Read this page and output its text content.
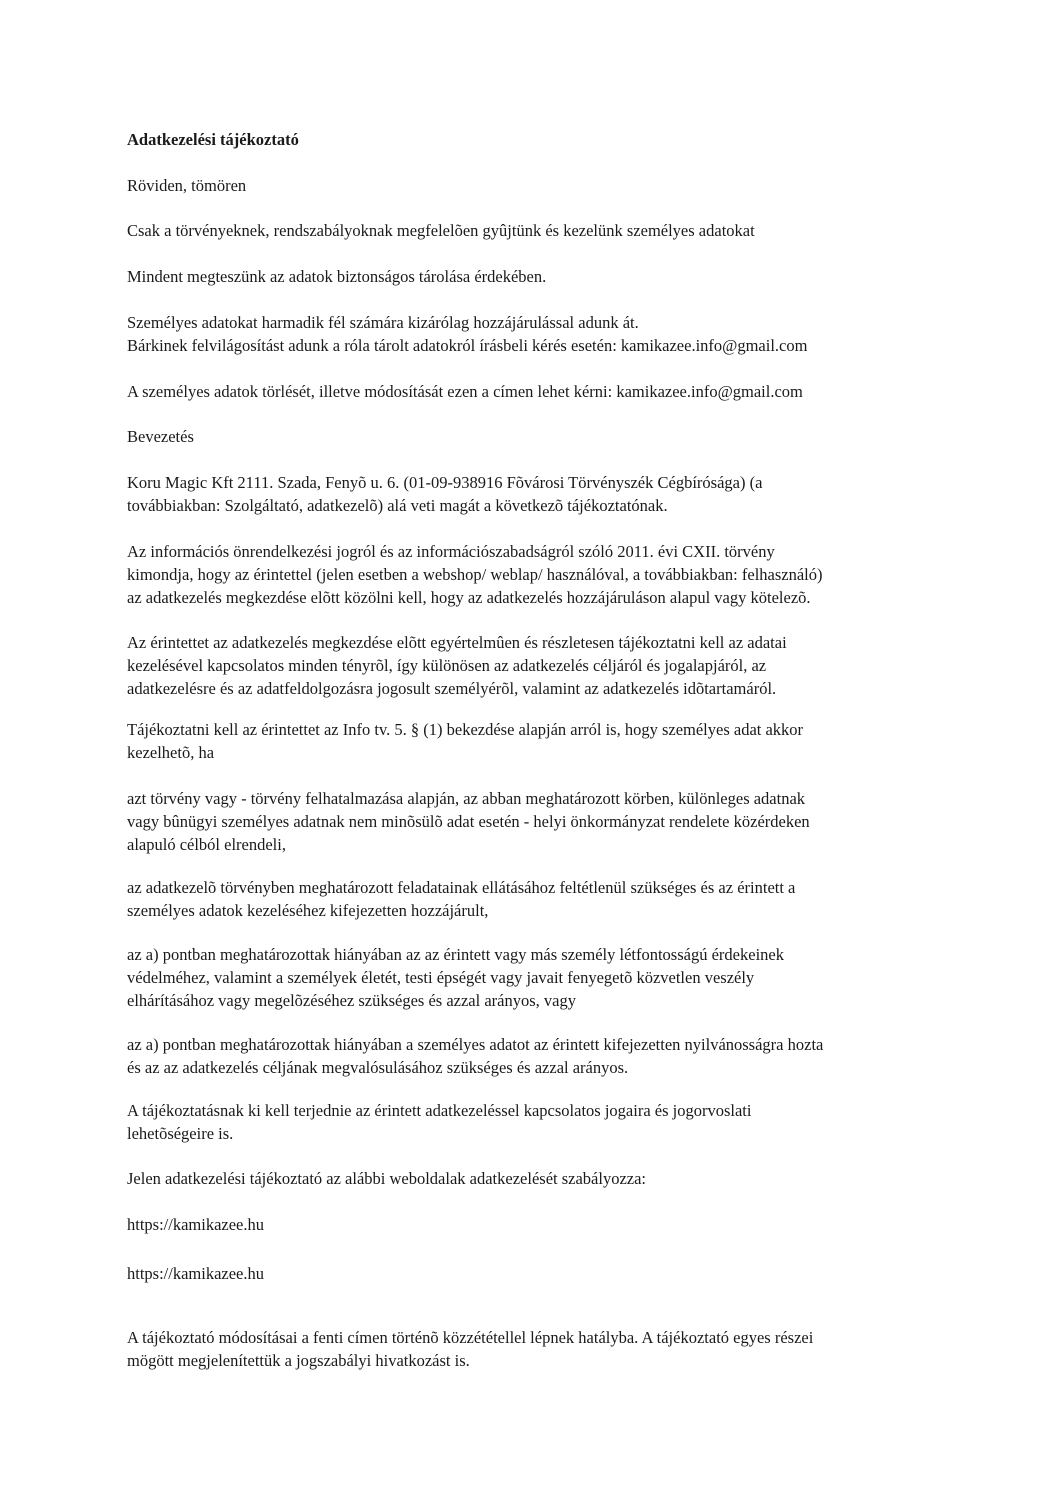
Adatkezelési tájékoztató
Röviden, tömören
Csak a törvényeknek, rendszabályoknak megfelelõen gyûjtünk és kezelünk személyes adatokat
Mindent megteszünk az adatok biztonságos tárolása érdekében.
Személyes adatokat harmadik fél számára kizárólag hozzájárulással adunk át.
Bárkinek felvilágosítást adunk a róla tárolt adatokról írásbeli kérés esetén: kamikazee.info@gmail.com
A személyes adatok törlését, illetve módosítását ezen a címen lehet kérni: kamikazee.info@gmail.com
Bevezetés
Koru Magic Kft 2111. Szada, Fenyõ u. 6. (01-09-938916 Fõvárosi Törvényszék Cégbírósága) (a
továbbiakban: Szolgáltató, adatkezelõ) alá veti magát a következõ tájékoztatónak.
Az információs önrendelkezési jogról és az információszabadságról szóló 2011. évi CXII. törvény
kimondja, hogy az érintettel (jelen esetben a webshop/ weblap/ használóval, a továbbiakban: felhasználó)
az adatkezelés megkezdése elõtt közölni kell, hogy az adatkezelés hozzájáruláson alapul vagy kötelezõ.
Az érintettet az adatkezelés megkezdése elõtt egyértelmûen és részletesen tájékoztatni kell az adatai
kezelésével kapcsolatos minden tényrõl, így különösen az adatkezelés céljáról és jogalapjáról, az
adatkezelésre és az adatfeldolgozásra jogosult személyérõl, valamint az adatkezelés idõtartamáról.
Tájékoztatni kell az érintettet az Info tv. 5. § (1) bekezdése alapján arról is, hogy személyes adat akkor
kezelhetõ, ha
azt törvény vagy - törvény felhatalmazása alapján, az abban meghatározott körben, különleges adatnak
vagy bûnügyi személyes adatnak nem minõsülõ adat esetén - helyi önkormányzat rendelete közérdeken
alapuló célból elrendeli,
az adatkezelõ törvényben meghatározott feladatainak ellátásához feltétlenül szükséges és az érintett a
személyes adatok kezeléséhez kifejezetten hozzájárult,
az a) pontban meghatározottak hiányában az az érintett vagy más személy létfontosságú érdekeinek
védelméhez, valamint a személyek életét, testi épségét vagy javait fenyegetõ közvetlen veszély
elhárításához vagy megelõzéséhez szükséges és azzal arányos, vagy
az a) pontban meghatározottak hiányában a személyes adatot az érintett kifejezetten nyilvánosságra hozta
és az az adatkezelés céljának megvalósulásához szükséges és azzal arányos.
A tájékoztatásnak ki kell terjednie az érintett adatkezeléssel kapcsolatos jogaira és jogorvoslati
lehetõségeire is.
Jelen adatkezelési tájékoztató az alábbi weboldalak adatkezelését szabályozza:
https://kamikazee.hu
https://kamikazee.hu
A tájékoztató módosításai a fenti címen történõ közzététellel lépnek hatályba. A tájékoztató egyes részei
mögött megjelenítettük a jogszabályi hivatkozást is.
